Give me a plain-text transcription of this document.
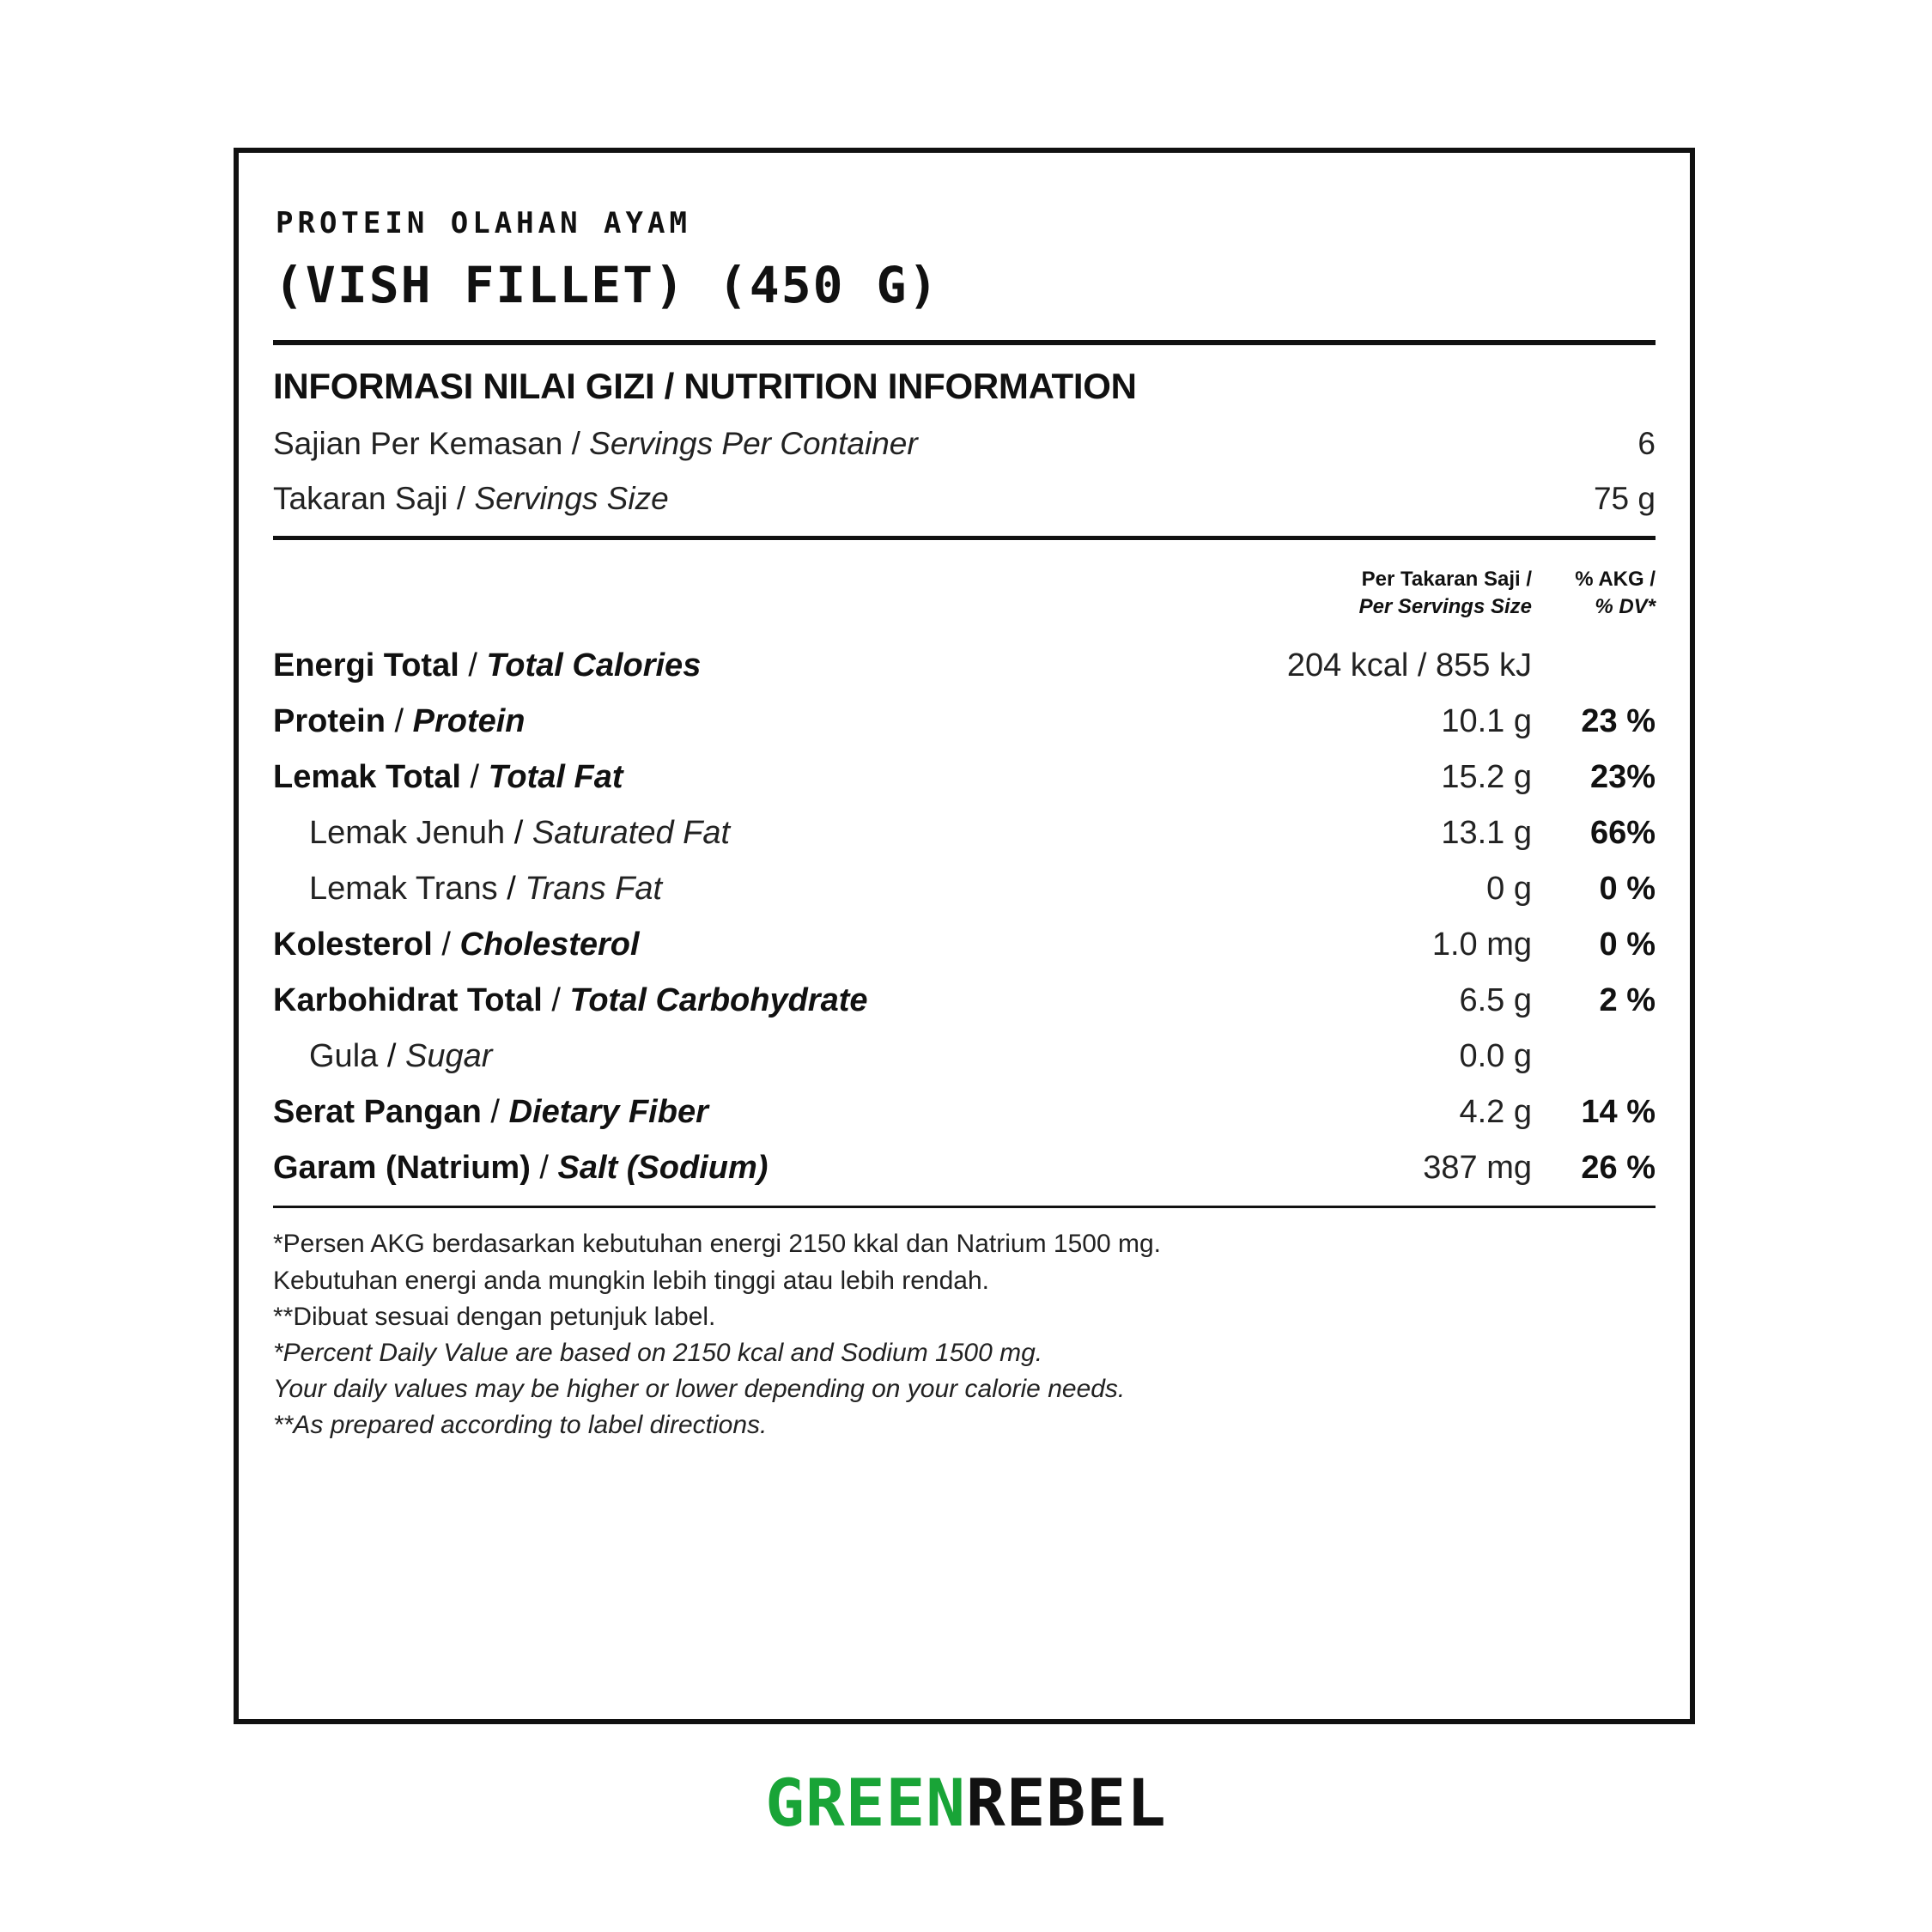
PROTEIN OLAHAN AYAM
(VISH FILLET) (450 G)
INFORMASI NILAI GIZI / NUTRITION INFORMATION
Sajian Per Kemasan / Servings Per Container	6
Takaran Saji / Servings Size	75 g
Per Takaran Saji /
Per Servings Size
% AKG /
% DV*
Energi Total / Total Calories	204 kcal / 855 kJ
Protein / Protein	10.1 g	23 %
Lemak Total / Total Fat	15.2 g	23%
Lemak Jenuh / Saturated Fat	13.1 g	66%
Lemak Trans / Trans Fat	0 g	0 %
Kolesterol / Cholesterol	1.0 mg	0 %
Karbohidrat Total / Total Carbohydrate	6.5 g	2 %
Gula / Sugar	0.0 g
Serat Pangan / Dietary Fiber	4.2 g	14 %
Garam (Natrium) / Salt (Sodium)	387 mg	26 %
*Persen AKG berdasarkan kebutuhan energi 2150 kkal dan Natrium 1500 mg.
Kebutuhan energi anda mungkin lebih tinggi atau lebih rendah.
**Dibuat sesuai dengan petunjuk label.
*Percent Daily Value are based on 2150 kcal and Sodium 1500 mg.
Your daily values may be higher or lower depending on your calorie needs.
**As prepared according to label directions.
GREENREBEL
